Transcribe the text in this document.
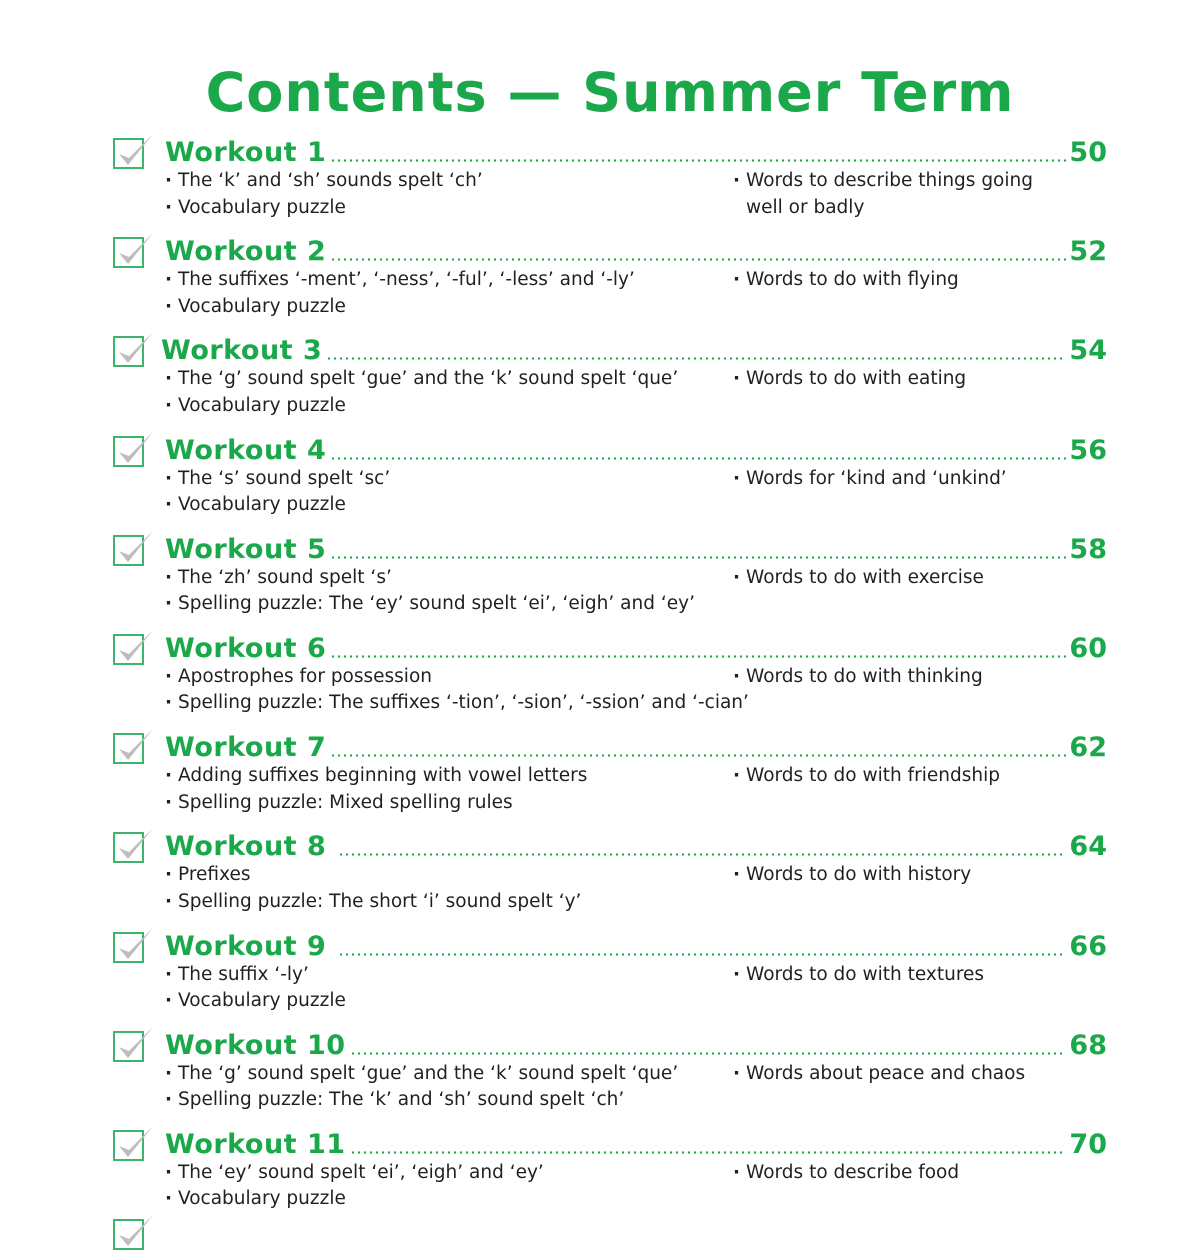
Contents — Summer Term
Workout 1	50
· The ‘k’ and ‘sh’ sounds spelt ‘ch’
· Vocabulary puzzle
· Words to describe things going well or badly
Workout 2	52
· The suffixes ‘-ment’, ‘-ness’, ‘-ful’, ‘-less’ and ‘-ly’
· Vocabulary puzzle
· Words to do with flying
Workout 3	54
· The ‘g’ sound spelt ‘gue’ and the ‘k’ sound spelt ‘que’
· Vocabulary puzzle
· Words to do with eating
Workout 4	56
· The ‘s’ sound spelt ‘sc’
· Vocabulary puzzle
· Words for ‘kind and ‘unkind’
Workout 5	58
· The ‘zh’ sound spelt ‘s’
· Spelling puzzle: The ‘ey’ sound spelt ‘ei’, ‘eigh’ and ‘ey’
· Words to do with exercise
Workout 6	60
· Apostrophes for possession
· Spelling puzzle: The suffixes ‘-tion’, ‘-sion’, ‘-ssion’ and ‘-cian’
· Words to do with thinking
Workout 7	62
· Adding suffixes beginning with vowel letters
· Spelling puzzle: Mixed spelling rules
· Words to do with friendship
Workout 8	64
· Prefixes
· Spelling puzzle: The short ‘i’ sound spelt ‘y’
· Words to do with history
Workout 9	66
· The suffix ‘-ly’
· Vocabulary puzzle
· Words to do with textures
Workout 10	68
· The ‘g’ sound spelt ‘gue’ and the ‘k’ sound spelt ‘que’
· Spelling puzzle: The ‘k’ and ‘sh’ sound spelt ‘ch’
· Words about peace and chaos
Workout 11	70
· The ‘ey’ sound spelt ‘ei’, ‘eigh’ and ‘ey’
· Vocabulary puzzle
· Words to describe food
